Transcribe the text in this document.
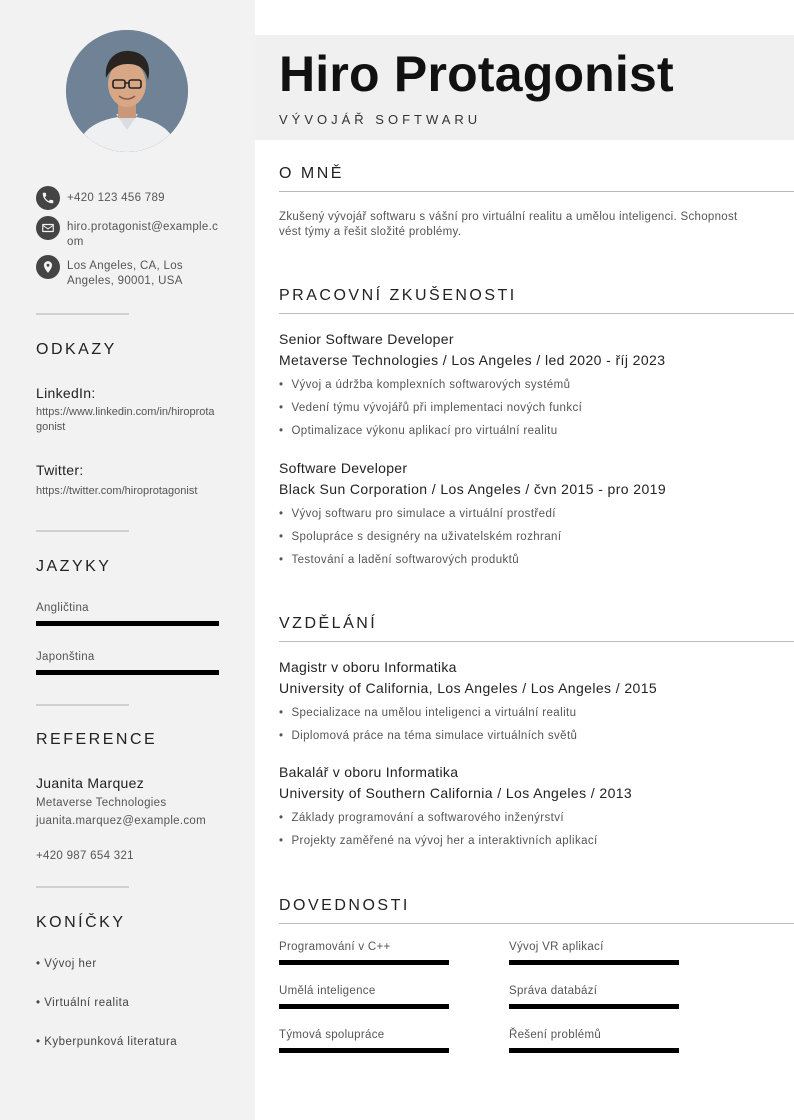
+420 123 456 789
hiro.protagonist@example.com
Los Angeles, CA, Los Angeles, 90001, USA
ODKAZY
LinkedIn:
https://www.linkedin.com/in/hiroprotagonist
Twitter:
https://twitter.com/hiroprotagonist
JAZYKY
Angličtina
Japonština
REFERENCE
Juanita Marquez
Metaverse Technologies
juanita.marquez@example.com
+420 987 654 321
KONÍČKY
• Vývoj her
• Virtuální realita
• Kyberpunková literatura
Hiro Protagonist
VÝVOJÁŘ SOFTWARU
O MNĚ
Zkušený vývojář softwaru s vášní pro virtuální realitu a umělou inteligenci. Schopnost vést týmy a řešit složité problémy.
PRACOVNÍ ZKUŠENOSTI
Senior Software Developer
Metaverse Technologies / Los Angeles / led 2020 - říj 2023
• Vývoj a údržba komplexních softwarových systémů
• Vedení týmu vývojářů při implementaci nových funkcí
• Optimalizace výkonu aplikací pro virtuální realitu
Software Developer
Black Sun Corporation / Los Angeles / čvn 2015 - pro 2019
• Vývoj softwaru pro simulace a virtuální prostředí
• Spolupráce s designéry na uživatelském rozhraní
• Testování a ladění softwarových produktů
VZDĚLÁNÍ
Magistr v oboru Informatika
University of California, Los Angeles / Los Angeles / 2015
• Specializace na umělou inteligenci a virtuální realitu
• Diplomová práce na téma simulace virtuálních světů
Bakalář v oboru Informatika
University of Southern California / Los Angeles / 2013
• Základy programování a softwarového inženýrství
• Projekty zaměřené na vývoj her a interaktivních aplikací
DOVEDNOSTI
Programování v C++	Vývoj VR aplikací
Umělá inteligence	Správa databází
Týmová spolupráce	Řešení problémů
